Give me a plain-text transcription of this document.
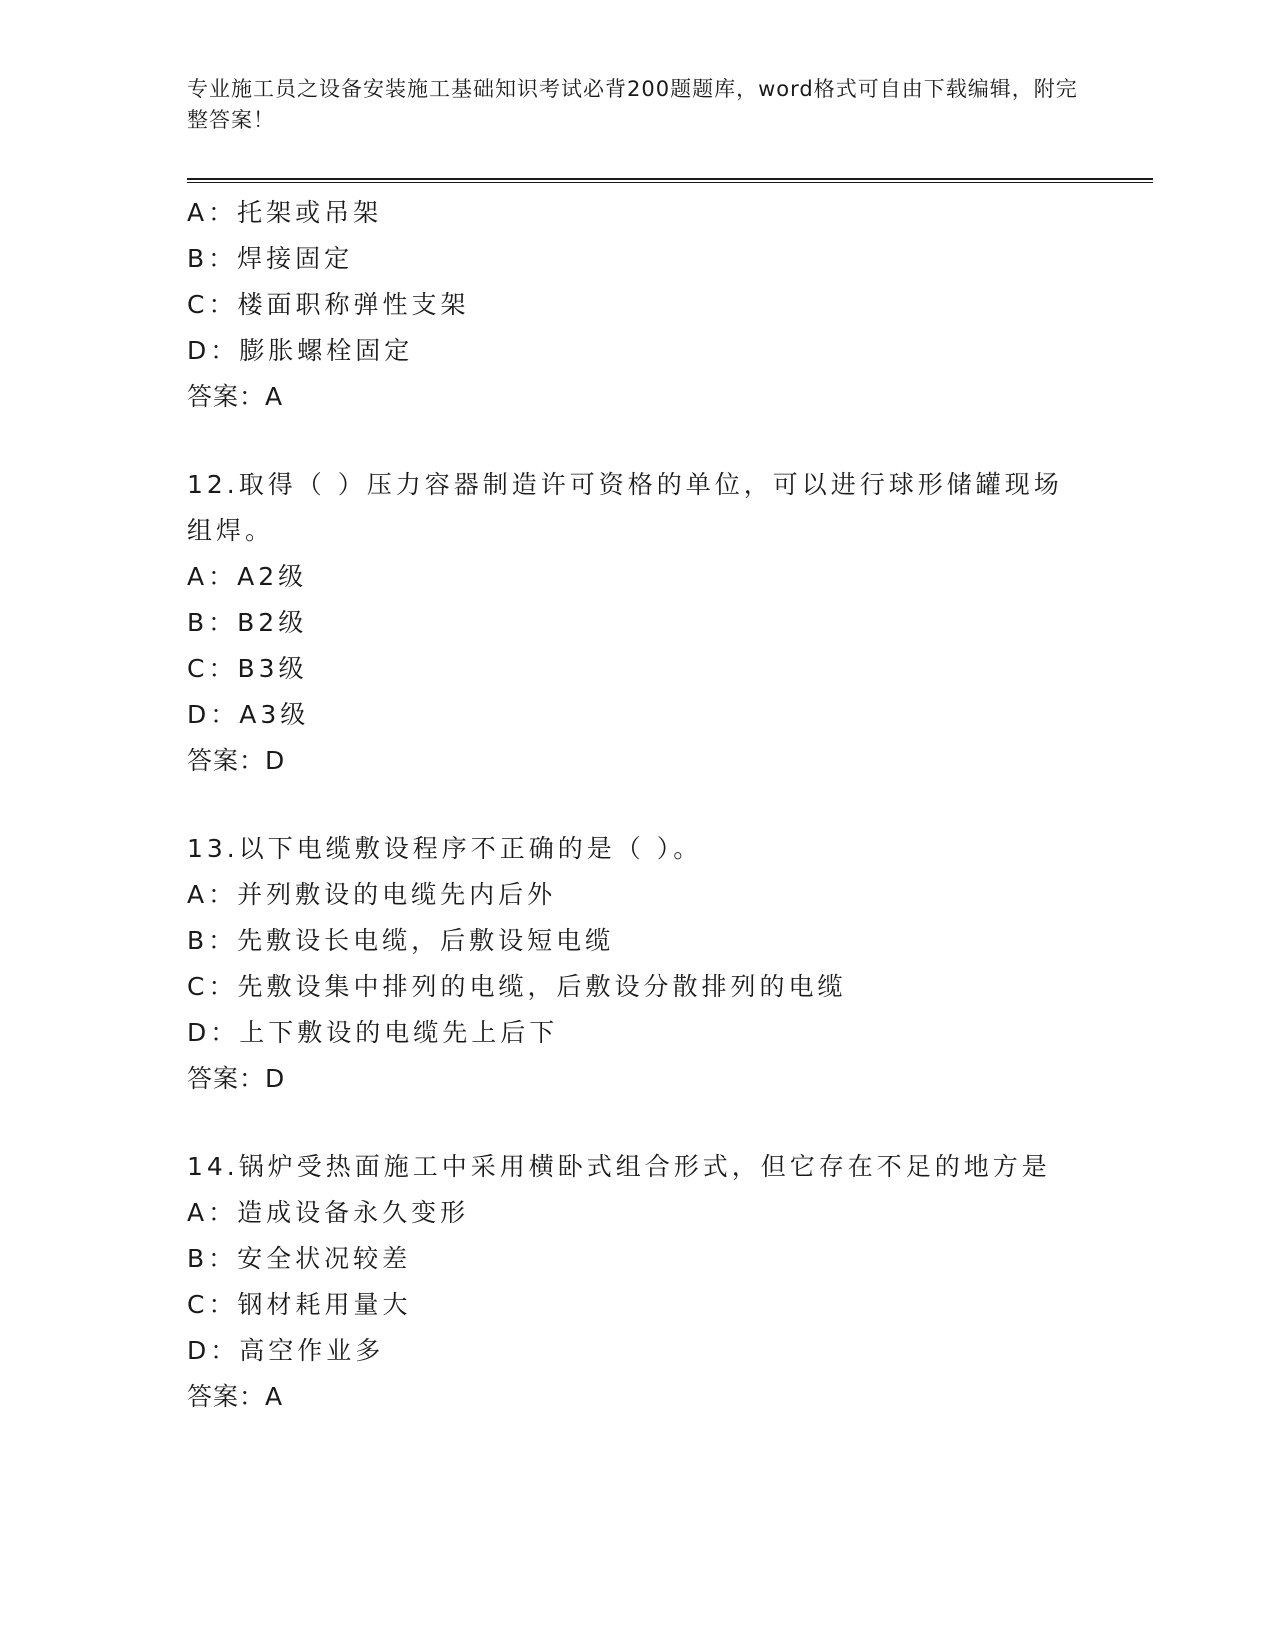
专业施工员之设备安装施工基础知识考试必背200题题库，word格式可自由下载编辑，附完整答案！
A：托架或吊架
B：焊接固定
C：楼面职称弹性支架
D：膨胀螺栓固定
答案：A
12.取得（ ）压力容器制造许可资格的单位，可以进行球形储罐现场组焊。
A：A2级
B：B2级
C：B3级
D：A3级
答案：D
13.以下电缆敷设程序不正确的是（ ）。
A：并列敷设的电缆先内后外
B：先敷设长电缆，后敷设短电缆
C：先敷设集中排列的电缆，后敷设分散排列的电缆
D：上下敷设的电缆先上后下
答案：D
14.锅炉受热面施工中采用横卧式组合形式，但它存在不足的地方是
A：造成设备永久变形
B：安全状况较差
C：钢材耗用量大
D：高空作业多
答案：A
